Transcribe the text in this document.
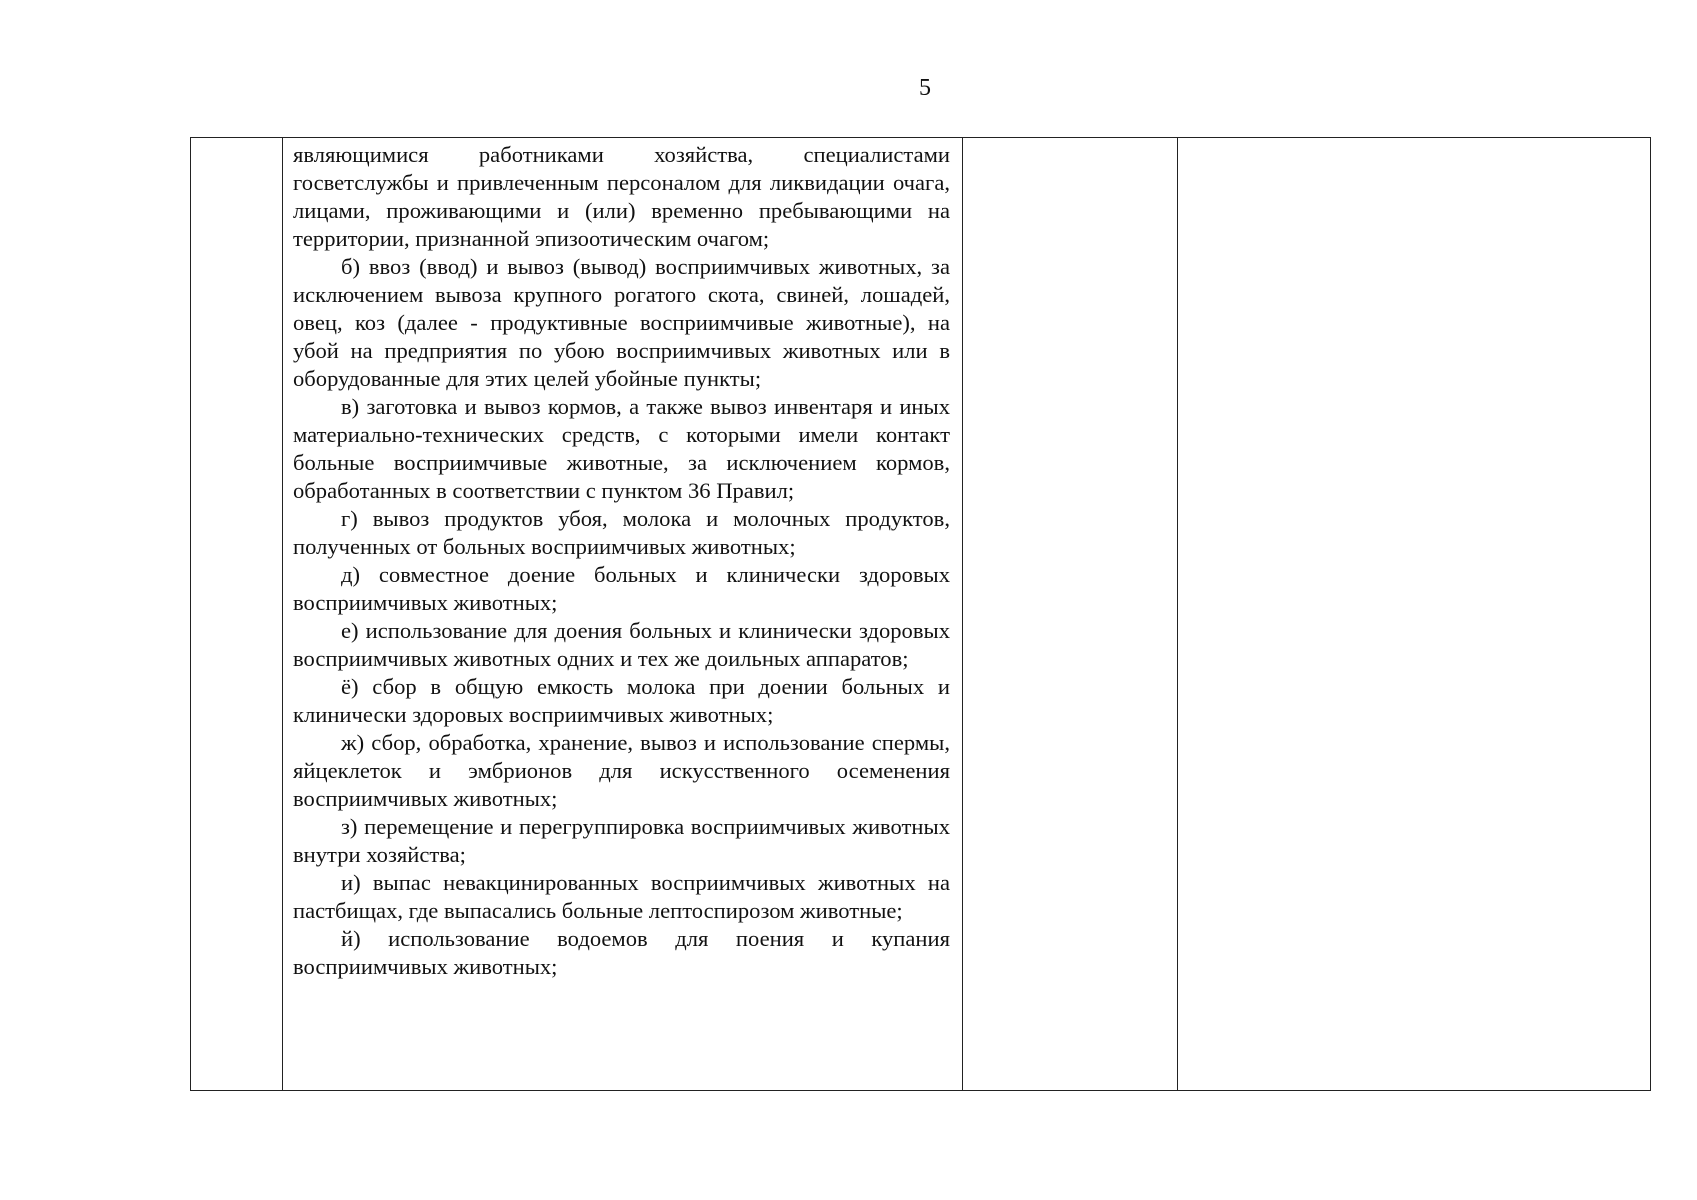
5

являющимися работниками хозяйства, специалистами госветслужбы и привлеченным персоналом для ликвидации очага, лицами, проживающими и (или) временно пребывающими на территории, признанной эпизоотическим очагом;

б) ввоз (ввод) и вывоз (вывод) восприимчивых животных, за исключением вывоза крупного рогатого скота, свиней, лошадей, овец, коз (далее - продуктивные восприимчивые животные), на убой на предприятия по убою восприимчивых животных или в оборудованные для этих целей убойные пункты;

в) заготовка и вывоз кормов, а также вывоз инвентаря и иных материально-технических средств, с которыми имели контакт больные восприимчивые животные, за исключением кормов, обработанных в соответствии с пунктом 36 Правил;

г) вывоз продуктов убоя, молока и молочных продуктов, полученных от больных восприимчивых животных;

д) совместное доение больных и клинически здоровых восприимчивых животных;

е) использование для доения больных и клинически здоровых восприимчивых животных одних и тех же доильных аппаратов;

ё) сбор в общую емкость молока при доении больных и клинически здоровых восприимчивых животных;

ж) сбор, обработка, хранение, вывоз и использование спермы, яйцеклеток и эмбрионов для искусственного осеменения восприимчивых животных;

з) перемещение и перегруппировка восприимчивых животных внутри хозяйства;

и) выпас невакцинированных восприимчивых животных на пастбищах, где выпасались больные лептоспирозом животные;

й) использование водоемов для поения и купания восприимчивых животных;
